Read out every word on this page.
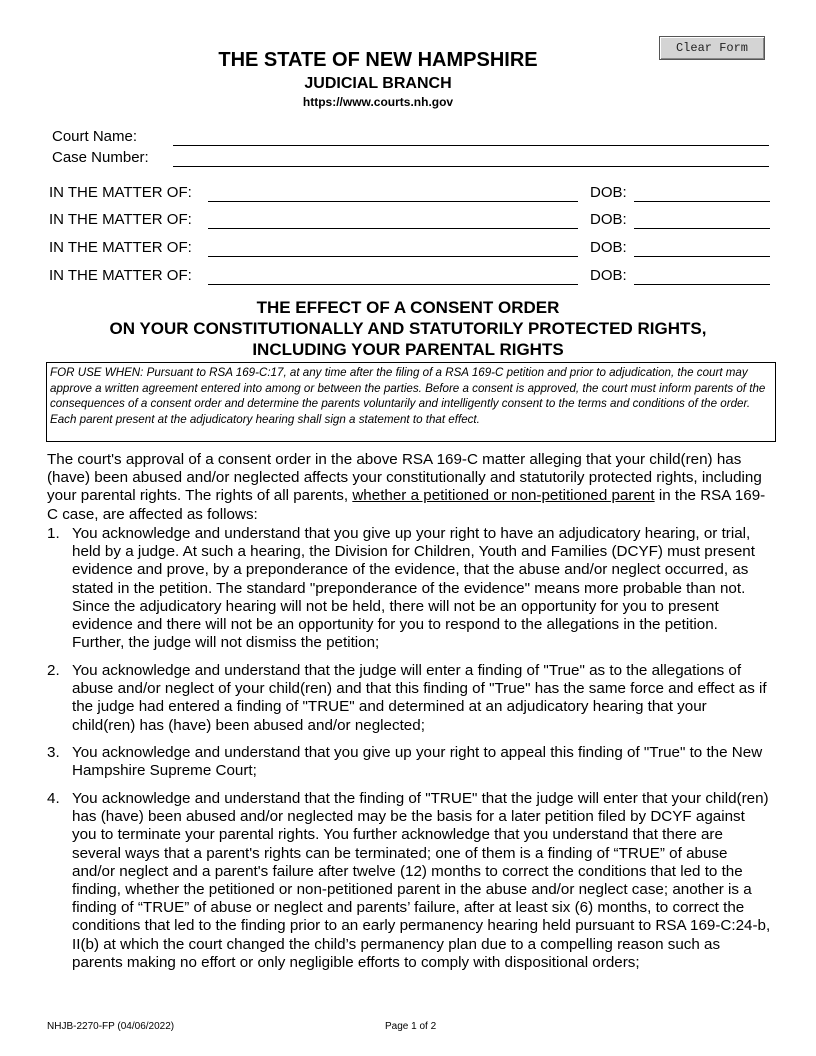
Clear Form
THE STATE OF NEW HAMPSHIRE
JUDICIAL BRANCH
https://www.courts.nh.gov
Court Name:
Case Number:
IN THE MATTER OF:	DOB:
IN THE MATTER OF:	DOB:
IN THE MATTER OF:	DOB:
IN THE MATTER OF:	DOB:
THE EFFECT OF A CONSENT ORDER
ON YOUR CONSTITUTIONALLY AND STATUTORILY PROTECTED RIGHTS,
INCLUDING YOUR PARENTAL RIGHTS
FOR USE WHEN: Pursuant to RSA 169-C:17, at any time after the filing of a RSA 169-C petition and prior to adjudication, the court may approve a written agreement entered into among or between the parties. Before a consent is approved, the court must inform parents of the consequences of a consent order and determine the parents voluntarily and intelligently consent to the terms and conditions of the order. Each parent present at the adjudicatory hearing shall sign a statement to that effect.
The court's approval of a consent order in the above RSA 169-C matter alleging that your child(ren) has (have) been abused and/or neglected affects your constitutionally and statutorily protected rights, including your parental rights. The rights of all parents, whether a petitioned or non-petitioned parent in the RSA 169-C case, are affected as follows:
1. You acknowledge and understand that you give up your right to have an adjudicatory hearing, or trial, held by a judge. At such a hearing, the Division for Children, Youth and Families (DCYF) must present evidence and prove, by a preponderance of the evidence, that the abuse and/or neglect occurred, as stated in the petition. The standard "preponderance of the evidence" means more probable than not. Since the adjudicatory hearing will not be held, there will not be an opportunity for you to present evidence and there will not be an opportunity for you to respond to the allegations in the petition. Further, the judge will not dismiss the petition;
2. You acknowledge and understand that the judge will enter a finding of "True" as to the allegations of abuse and/or neglect of your child(ren) and that this finding of "True" has the same force and effect as if the judge had entered a finding of "TRUE" and determined at an adjudicatory hearing that your child(ren) has (have) been abused and/or neglected;
3. You acknowledge and understand that you give up your right to appeal this finding of "True" to the New Hampshire Supreme Court;
4. You acknowledge and understand that the finding of "TRUE" that the judge will enter that your child(ren) has (have) been abused and/or neglected may be the basis for a later petition filed by DCYF against you to terminate your parental rights. You further acknowledge that you understand that there are several ways that a parent's rights can be terminated; one of them is a finding of “TRUE” of abuse and/or neglect and a parent's failure after twelve (12) months to correct the conditions that led to the finding, whether the petitioned or non-petitioned parent in the abuse and/or neglect case; another is a finding of “TRUE” of abuse or neglect and parents’ failure, after at least six (6) months, to correct the conditions that led to the finding prior to an early permanency hearing held pursuant to RSA 169-C:24-b, II(b) at which the court changed the child’s permanency plan due to a compelling reason such as parents making no effort or only negligible efforts to comply with dispositional orders;
NHJB-2270-FP (04/06/2022)	Page 1 of 2
